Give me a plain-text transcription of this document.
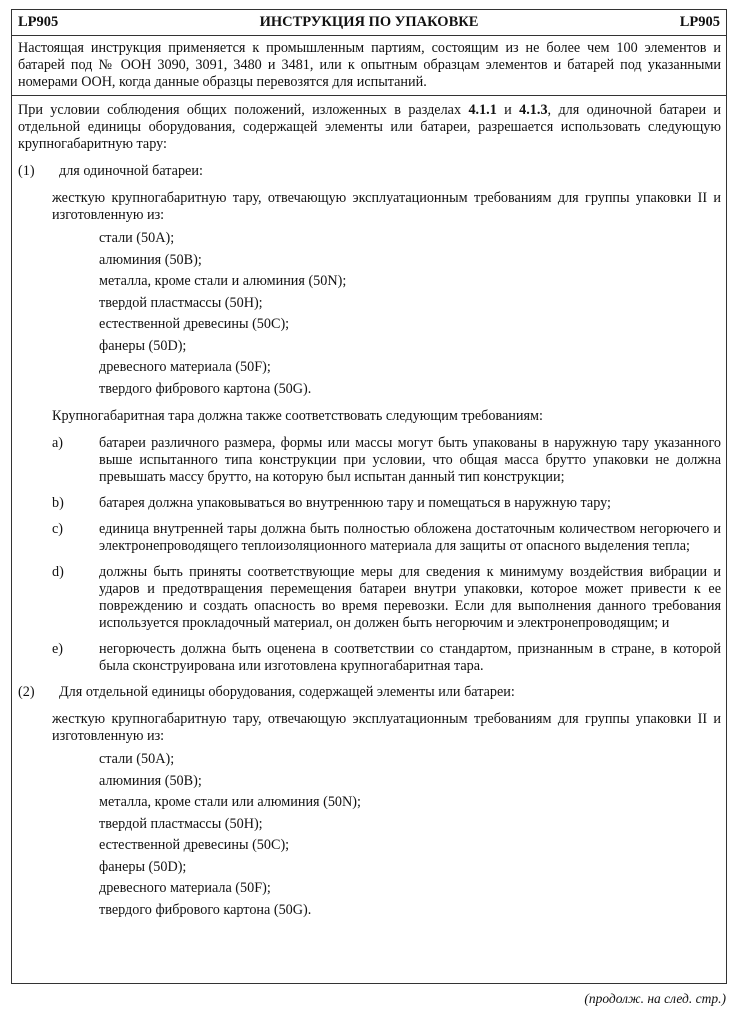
LP905	ИНСТРУКЦИЯ ПО УПАКОВКЕ	LP905
Настоящая инструкция применяется к промышленным партиям, состоящим из не более чем 100 элементов и батарей под № ООН 3090, 3091, 3480 и 3481, или к опытным образцам элементов и батарей под указанными номерами ООН, когда данные образцы перевозятся для испытаний.

При условии соблюдения общих положений, изложенных в разделах 4.1.1 и 4.1.3, для одиночной батареи и отдельной единицы оборудования, содержащей элементы или батареи, разрешается использовать следующую крупногабаритную тару:

(1)	для одиночной батареи:

жесткую крупногабаритную тару, отвечающую эксплуатационным требованиям для группы упаковки II и изготовленную из:

стали (50A);
алюминия (50B);
металла, кроме стали и алюминия (50N);
твердой пластмассы (50H);
естественной древесины (50C);
фанеры (50D);
древесного материала (50F);
твердого фибрового картона (50G).

Крупногабаритная тара должна также соответствовать следующим требованиям:

a)	батареи различного размера, формы или массы могут быть упакованы в наружную тару указанного выше испытанного типа конструкции при условии, что общая масса брутто упаковки не должна превышать массу брутто, на которую был испытан данный тип конструкции;
b)	батарея должна упаковываться во внутреннюю тару и помещаться в наружную тару;
c)	единица внутренней тары должна быть полностью обложена достаточным количеством негорючего и электронепроводящего теплоизоляционного материала для защиты от опасного выделения тепла;
d)	должны быть приняты соответствующие меры для сведения к минимуму воздействия вибрации и ударов и предотвращения перемещения батареи внутри упаковки, которое может привести к ее повреждению и создать опасность во время перевозки. Если для выполнения данного требования используется прокладочный материал, он должен быть негорючим и электронепроводящим; и
e)	негорючесть должна быть оценена в соответствии со стандартом, признанным в стране, в которой была сконструирована или изготовлена крупногабаритная тара.
(2)	Для отдельной единицы оборудования, содержащей элементы или батареи:

жесткую крупногабаритную тару, отвечающую эксплуатационным требованиям для группы упаковки II и изготовленную из:

стали (50A);
алюминия (50B);
металла, кроме стали или алюминия (50N);
твердой пластмассы (50H);
естественной древесины (50C);
фанеры (50D);
древесного материала (50F);
твердого фибрового картона (50G).
(продолж. на след. стр.)
